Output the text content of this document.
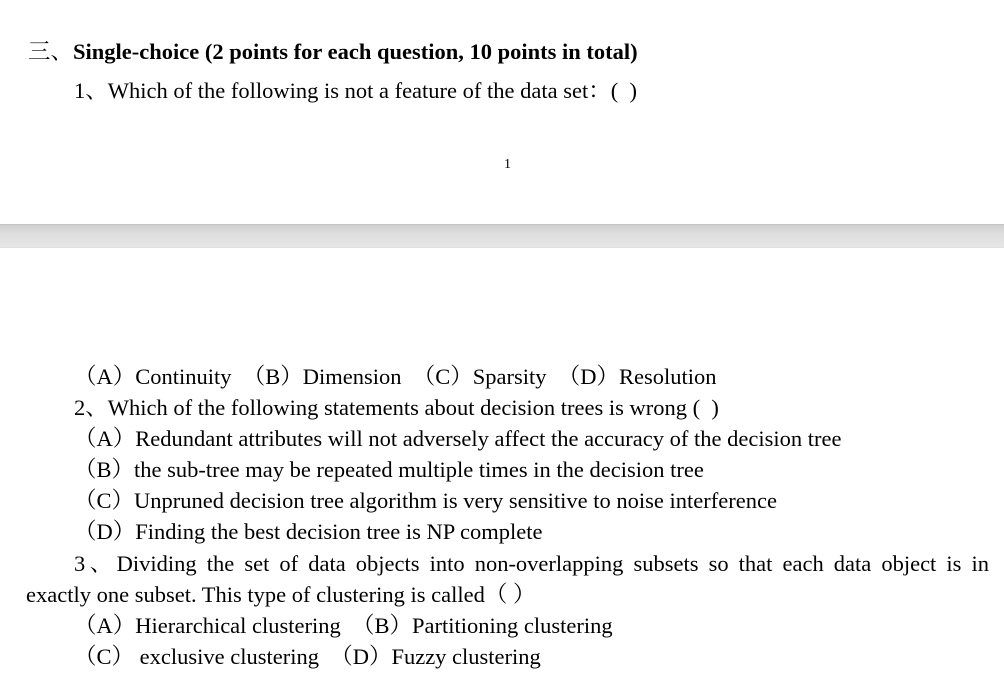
三、Single-choice (2 points for each question, 10 points in total)
1、Which of the following is not a feature of the data set：(  )
1
（A）Continuity  （B）Dimension  （C）Sparsity  （D）Resolution
2、Which of the following statements about decision trees is wrong (  )
（A）Redundant attributes will not adversely affect the accuracy of the decision tree
（B）the sub-tree may be repeated multiple times in the decision tree
（C）Unpruned decision tree algorithm is very sensitive to noise interference
（D）Finding the best decision tree is NP complete
3、Dividing the set of data objects into non-overlapping subsets so that each data object is in
exactly one subset. This type of clustering is called（ ）
（A）Hierarchical clustering  （B）Partitioning clustering
（C） exclusive clustering  （D）Fuzzy clustering
